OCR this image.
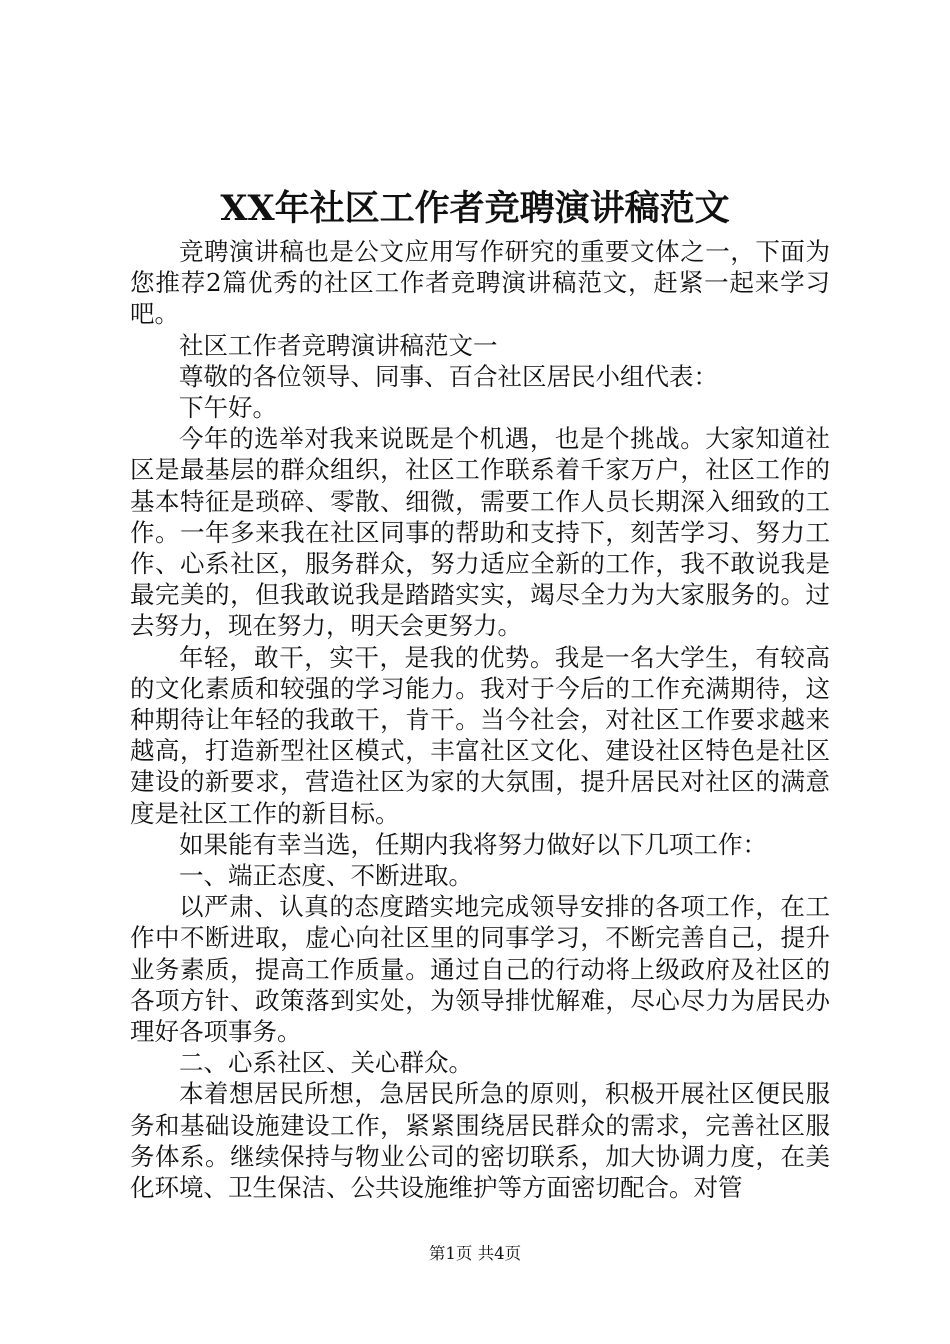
XX年社区工作者竞聘演讲稿范文

竞聘演讲稿也是公文应用写作研究的重要文体之一，下面为您推荐2篇优秀的社区工作者竞聘演讲稿范文，赶紧一起来学习吧。

社区工作者竞聘演讲稿范文一

尊敬的各位领导、同事、百合社区居民小组代表：

下午好。

今年的选举对我来说既是个机遇，也是个挑战。大家知道社区是最基层的群众组织，社区工作联系着千家万户，社区工作的基本特征是琐碎、零散、细微，需要工作人员长期深入细致的工作。一年多来我在社区同事的帮助和支持下，刻苦学习、努力工作、心系社区，服务群众，努力适应全新的工作，我不敢说我是最完美的，但我敢说我是踏踏实实，竭尽全力为大家服务的。过去努力，现在努力，明天会更努力。

年轻，敢干，实干，是我的优势。我是一名大学生，有较高的文化素质和较强的学习能力。我对于今后的工作充满期待，这种期待让年轻的我敢干，肯干。当今社会，对社区工作要求越来越高，打造新型社区模式，丰富社区文化、建设社区特色是社区建设的新要求，营造社区为家的大氛围，提升居民对社区的满意度是社区工作的新目标。

如果能有幸当选，任期内我将努力做好以下几项工作：

一、端正态度、不断进取。

以严肃、认真的态度踏实地完成领导安排的各项工作，在工作中不断进取，虚心向社区里的同事学习，不断完善自己，提升业务素质，提高工作质量。通过自己的行动将上级政府及社区的各项方针、政策落到实处，为领导排忧解难，尽心尽力为居民办理好各项事务。

二、心系社区、关心群众。

本着想居民所想，急居民所急的原则，积极开展社区便民服务和基础设施建设工作，紧紧围绕居民群众的需求，完善社区服务体系。继续保持与物业公司的密切联系，加大协调力度，在美化环境、卫生保洁、公共设施维护等方面密切配合。对管

第1页 共4页
